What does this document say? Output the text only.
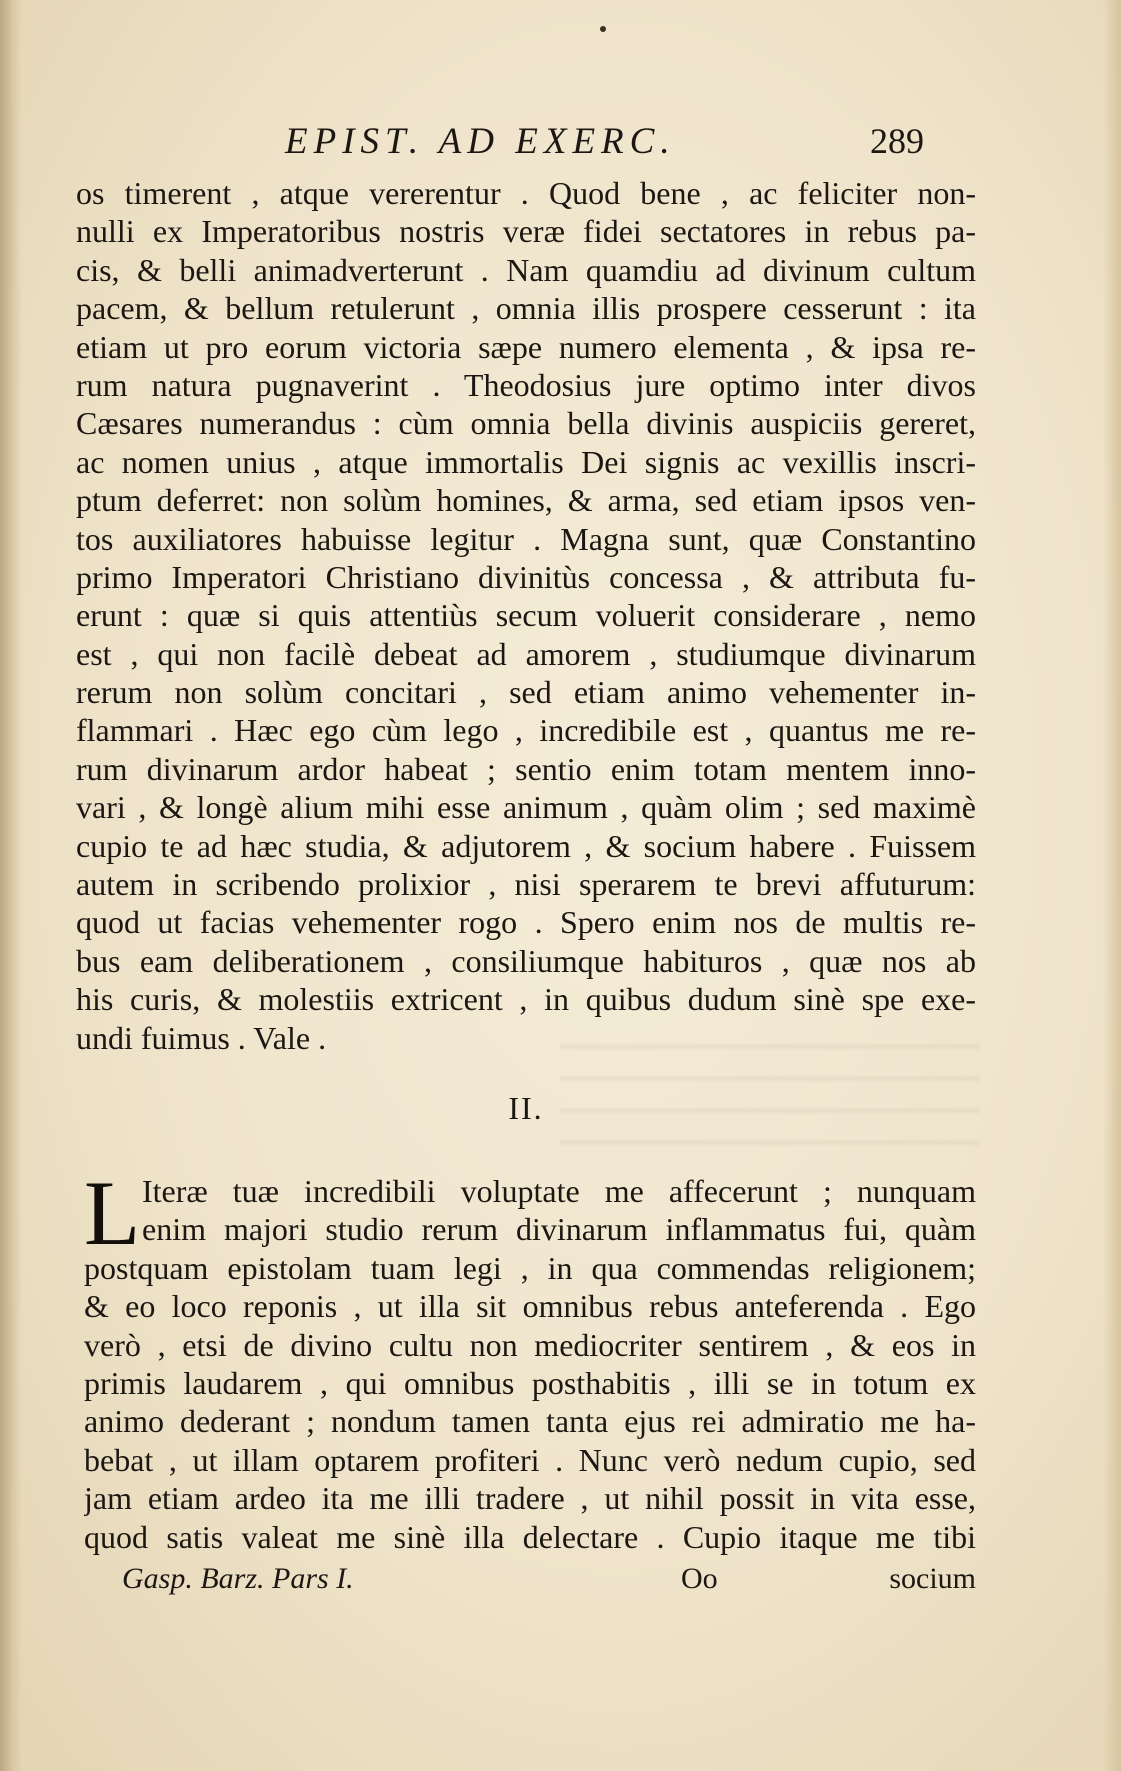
EPIST. AD EXERC.	289
os timerent , atque vererentur . Quod bene , ac feliciter non-
nulli ex Imperatoribus nostris veræ fidei sectatores in rebus pa-
cis, & belli animadverterunt . Nam quamdiu ad divinum cultum
pacem, & bellum retulerunt , omnia illis prospere cesserunt : ita
etiam ut pro eorum victoria sæpe numero elementa , & ipsa re-
rum natura pugnaverint . Theodosius jure optimo inter divos
Cæsares numerandus : cùm omnia bella divinis auspiciis gereret,
ac nomen unius , atque immortalis Dei signis ac vexillis inscri-
ptum deferret: non solùm homines, & arma, sed etiam ipsos ven-
tos auxiliatores habuisse legitur . Magna sunt, quæ Constantino
primo Imperatori Christiano divinitùs concessa , & attributa fu-
erunt : quæ si quis attentiùs secum voluerit considerare , nemo
est , qui non facilè debeat ad amorem , studiumque divinarum
rerum non solùm concitari , sed etiam animo vehementer in-
flammari . Hæc ego cùm lego , incredibile est , quantus me re-
rum divinarum ardor habeat ; sentio enim totam mentem inno-
vari , & longè alium mihi esse animum , quàm olim ; sed maximè
cupio te ad hæc studia, & adjutorem , & socium habere . Fuissem
autem in scribendo prolixior , nisi sperarem te brevi affuturum:
quod ut facias vehementer rogo . Spero enim nos de multis re-
bus eam deliberationem , consiliumque habituros , quæ nos ab
his curis, & molestiis extricent , in quibus dudum sinè spe exe-
undi fuimus . Vale .
II.
L Iteræ tuæ incredibili voluptate me affecerunt ; nunquam
enim majori studio rerum divinarum inflammatus fui, quàm
postquam epistolam tuam legi , in qua commendas religionem;
& eo loco reponis , ut illa sit omnibus rebus anteferenda . Ego
verò , etsi de divino cultu non mediocriter sentirem , & eos in
primis laudarem , qui omnibus posthabitis , illi se in totum ex
animo dederant ; nondum tamen tanta ejus rei admiratio me ha-
bebat , ut illam optarem profiteri . Nunc verò nedum cupio, sed
jam etiam ardeo ita me illi tradere , ut nihil possit in vita esse,
quod satis valeat me sinè illa delectare . Cupio itaque me tibi
Gasp. Barz. Pars I.	Oo	socium
